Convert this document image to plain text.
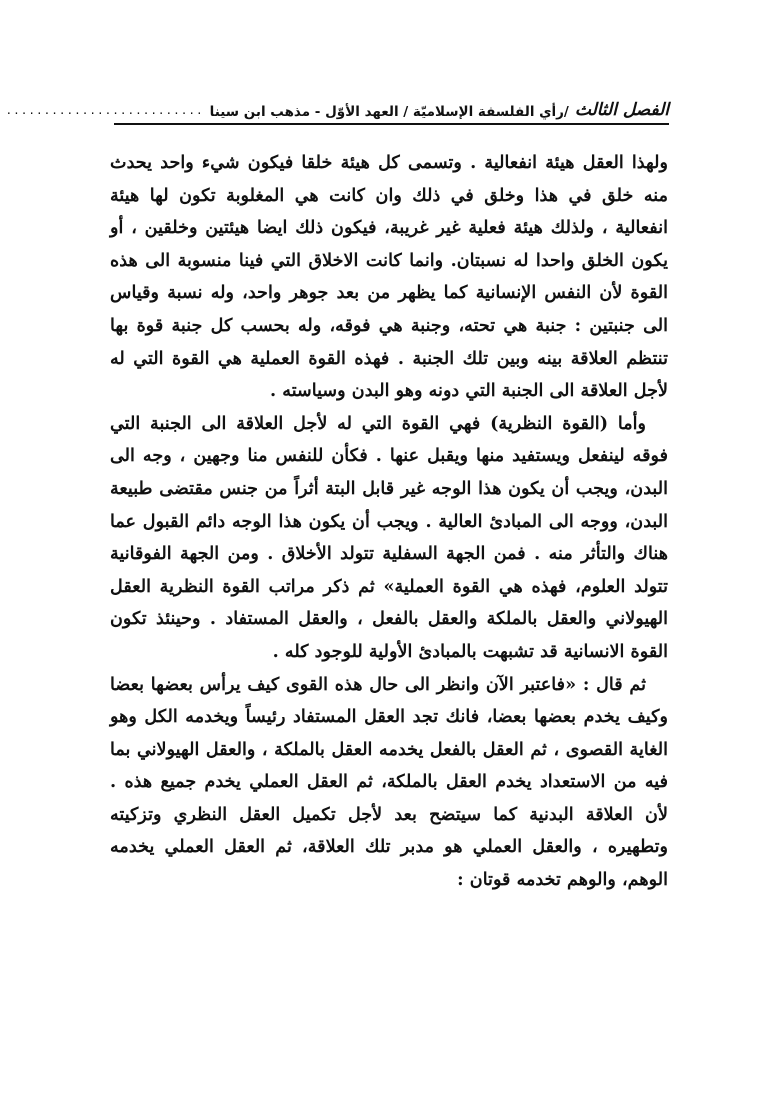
الفصل الثالث
/رأي الفلسفة الإسلاميّة / العهد الأوّل - مذهب ابن سينا
..........................

ولهذا العقل هيئة انفعالية . وتسمى كل هيئة خلقا فيكون شيء واحد يحدث منه خلق في هذا وخلق في ذلك وان كانت هي المغلوبة تكون لها هيئة انفعالية ، ولذلك هيئة فعلية غير غريبة، فيكون ذلك ايضا هيئتين وخلقين ، أو يكون الخلق واحدا له نسبتان. وانما كانت الاخلاق التي فينا منسوبة الى هذه القوة لأن النفس الإنسانية كما يظهر من بعد جوهر واحد، وله نسبة وقياس الى جنبتين : جنبة هي تحته، وجنبة هي فوقه، وله بحسب كل جنبة قوة بها تنتظم العلاقة بينه وبين تلك الجنبة . فهذه القوة العملية هي القوة التي له لأجل العلاقة الى الجنبة التي دونه وهو البدن وسياسته .

وأما (القوة النظرية) فهي القوة التي له لأجل العلاقة الى الجنبة التي فوقه لينفعل ويستفيد منها ويقبل عنها . فكأن للنفس منا وجهين ، وجه الى البدن، ويجب أن يكون هذا الوجه غير قابل البتة أثراً من جنس مقتضى طبيعة البدن، ووجه الى المبادئ العالية . ويجب أن يكون هذا الوجه دائم القبول عما هناك والتأثر منه . فمن الجهة السفلية تتولد الأخلاق . ومن الجهة الفوقانية تتولد العلوم، فهذه هي القوة العملية» ثم ذكر مراتب القوة النظرية العقل الهيولاني والعقل بالملكة والعقل بالفعل ، والعقل المستفاد . وحينئذ تكون القوة الانسانية قد تشبهت بالمبادئ الأولية للوجود كله .

ثم قال : «فاعتبر الآن وانظر الى حال هذه القوى كيف يرأس بعضها بعضا وكيف يخدم بعضها بعضا، فانك تجد العقل المستفاد رئيساً ويخدمه الكل وهو الغاية القصوى ، ثم العقل بالفعل يخدمه العقل بالملكة ، والعقل الهيولاني بما فيه من الاستعداد يخدم العقل بالملكة، ثم العقل العملي يخدم جميع هذه . لأن العلاقة البدنية كما سيتضح بعد لأجل تكميل العقل النظري وتزكيته وتطهيره ، والعقل العملي هو مدبر تلك العلاقة، ثم العقل العملي يخدمه الوهم، والوهم تخدمه قوتان :
